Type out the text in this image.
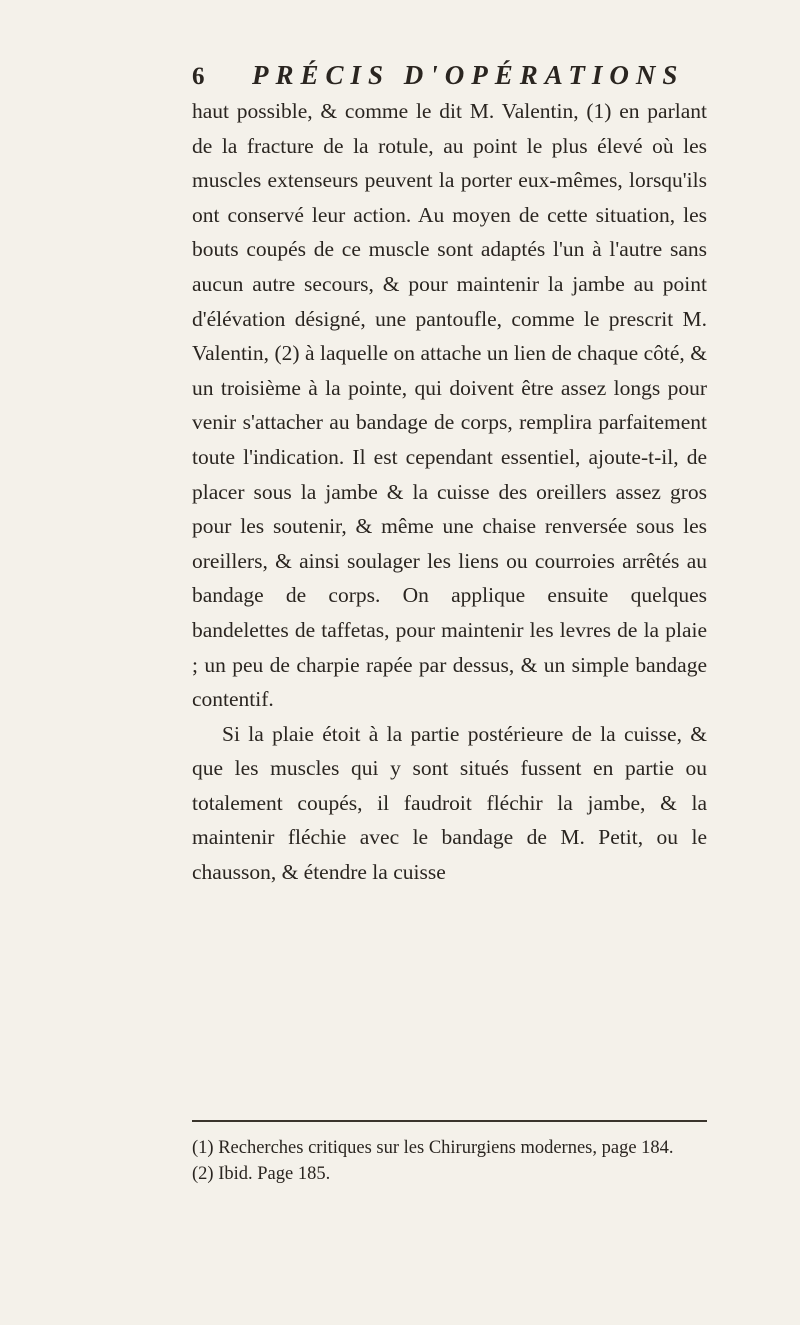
6	PRÉCIS D'OPÉRATIONS

haut possible, & comme le dit M. Valentin, (1) en parlant de la fracture de la rotule, au point le plus élevé où les muscles extenseurs peuvent la porter eux-mêmes, lorsqu'ils ont conservé leur action. Au moyen de cette situation, les bouts coupés de ce muscle sont adaptés l'un à l'autre sans aucun autre secours, & pour maintenir la jambe au point d'élévation désigné, une pantoufle, comme le prescrit M. Valentin, (2) à laquelle on attache un lien de chaque côté, & un troisième à la pointe, qui doivent être assez longs pour venir s'attacher au bandage de corps, remplira parfaitement toute l'indication. Il est cependant essentiel, ajoute-t-il, de placer sous la jambe & la cuisse des oreillers assez gros pour les soutenir, & même une chaise renversée sous les oreillers, & ainsi soulager les liens ou courroies arrêtés au bandage de corps. On applique ensuite quelques bandelettes de taffetas, pour maintenir les levres de la plaie ; un peu de charpie rapée par dessus, & un simple bandage contentif.

Si la plaie étoit à la partie postérieure de la cuisse, & que les muscles qui y sont situés fussent en partie ou totalement coupés, il faudroit fléchir la jambe, & la maintenir fléchie avec le bandage de M. Petit, ou le chausson, & étendre la cuisse

(1) Recherches critiques sur les Chirurgiens modernes, page 184.

(2) Ibid. Page 185.
